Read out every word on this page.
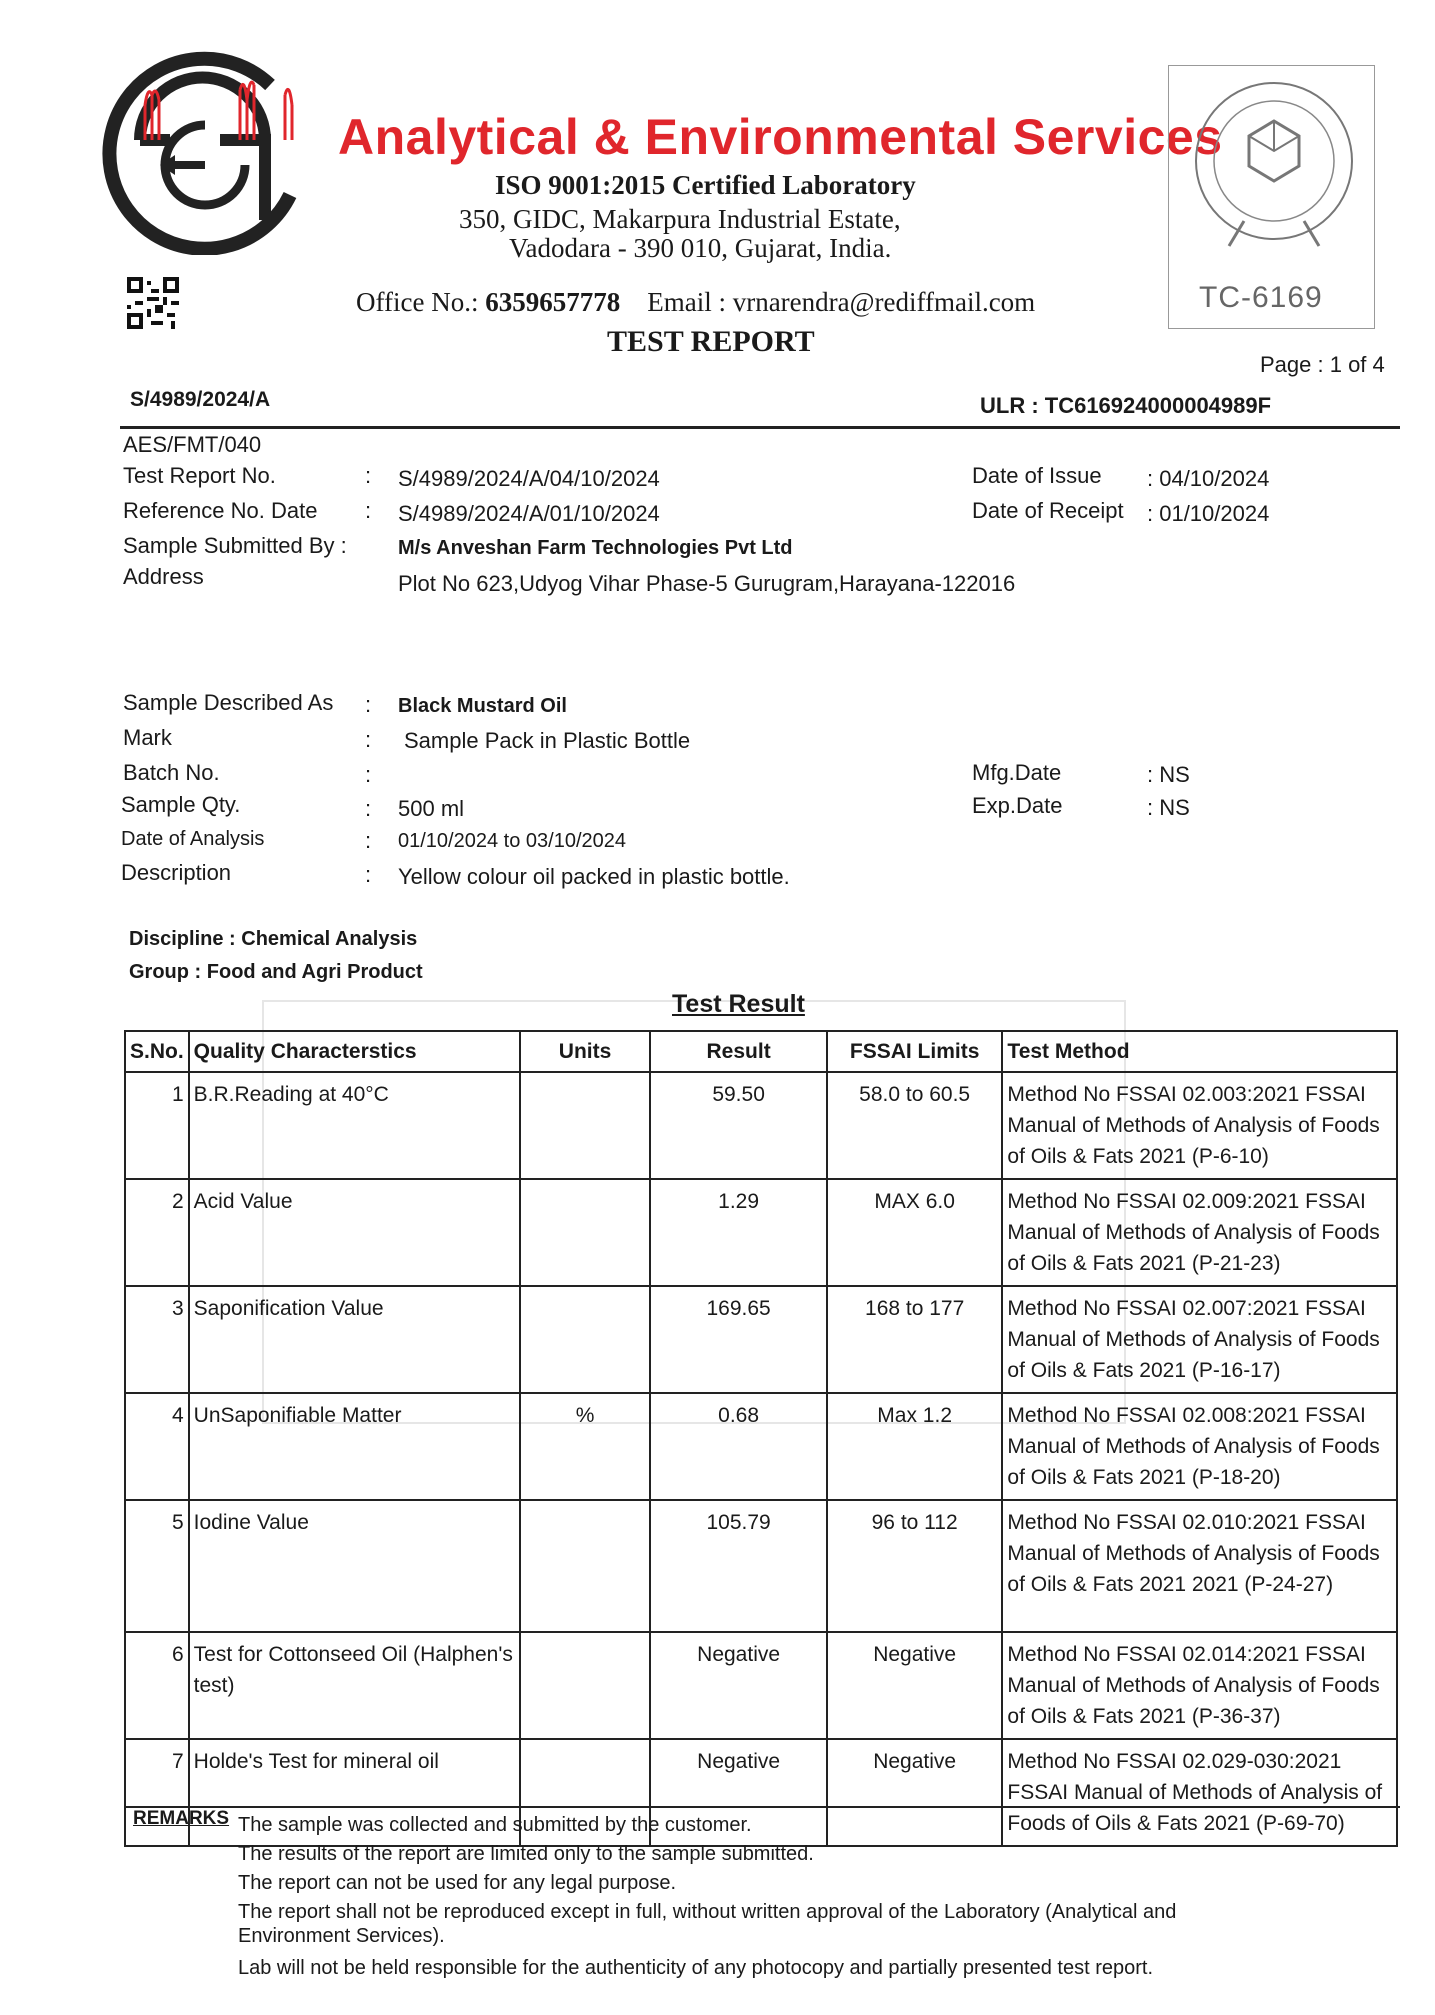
Analytical & Environmental Services
ISO 9001:2015 Certified Laboratory
350, GIDC, Makarpura Industrial Estate,
Vadodara - 390 010, Gujarat, India.
Office No.: 6359657778 Email : vrnarendra@rediffmail.com
TEST REPORT
TC-6169
Page : 1 of 4
S/4989/2024/A	ULR : TC616924000004989F
AES/FMT/040
Test Report No.	: S/4989/2024/A/04/10/2024
Reference No. Date : S/4989/2024/A/01/10/2024
Sample Submitted By :	M/s Anveshan Farm Technologies Pvt Ltd
Address	Plot No 623,Udyog Vihar Phase-5 Gurugram,Harayana-122016
Date of Issue : 04/10/2024
Date of Receipt : 01/10/2024
Sample Described As : Black Mustard Oil
Mark	: Sample Pack in Plastic Bottle
Batch No.	:
Sample Qty.	: 500 ml
Date of Analysis	: 01/10/2024 to 03/10/2024
Description	: Yellow colour oil packed in plastic bottle.
Mfg.Date	: NS
Exp.Date	: NS
Discipline : Chemical Analysis
Group : Food and Agri Product
Test Result
S.No.	Quality Characterstics	Units	Result	FSSAI Limits	Test Method
1	B.R.Reading at 40°C		59.50	58.0 to 60.5	Method No FSSAI 02.003:2021 FSSAI Manual of Methods of Analysis of Foods of Oils & Fats 2021 (P-6-10)
2	Acid Value		1.29	MAX 6.0	Method No FSSAI 02.009:2021 FSSAI Manual of Methods of Analysis of Foods of Oils & Fats 2021 (P-21-23)
3	Saponification Value		169.65	168 to 177	Method No FSSAI 02.007:2021 FSSAI Manual of Methods of Analysis of Foods of Oils & Fats 2021 (P-16-17)
4	UnSaponifiable Matter	%	0.68	Max 1.2	Method No FSSAI 02.008:2021 FSSAI Manual of Methods of Analysis of Foods of Oils & Fats 2021 (P-18-20)
5	Iodine Value		105.79	96 to 112	Method No FSSAI 02.010:2021 FSSAI Manual of Methods of Analysis of Foods of Oils & Fats 2021 2021 (P-24-27)
6	Test for Cottonseed Oil (Halphen's test)		Negative	Negative	Method No FSSAI 02.014:2021 FSSAI Manual of Methods of Analysis of Foods of Oils & Fats 2021 (P-36-37)
7	Holde's Test for mineral oil		Negative	Negative	Method No FSSAI 02.029-030:2021 FSSAI Manual of Methods of Analysis of Foods of Oils & Fats 2021 (P-69-70)
REMARKS The sample was collected and submitted by the customer.
The results of the report are limited only to the sample submitted.
The report can not be used for any legal purpose.
The report shall not be reproduced except in full, without written approval of the Laboratory (Analytical and
Environment Services).
Lab will not be held responsible for the authenticity of any photocopy and partially presented test report.
